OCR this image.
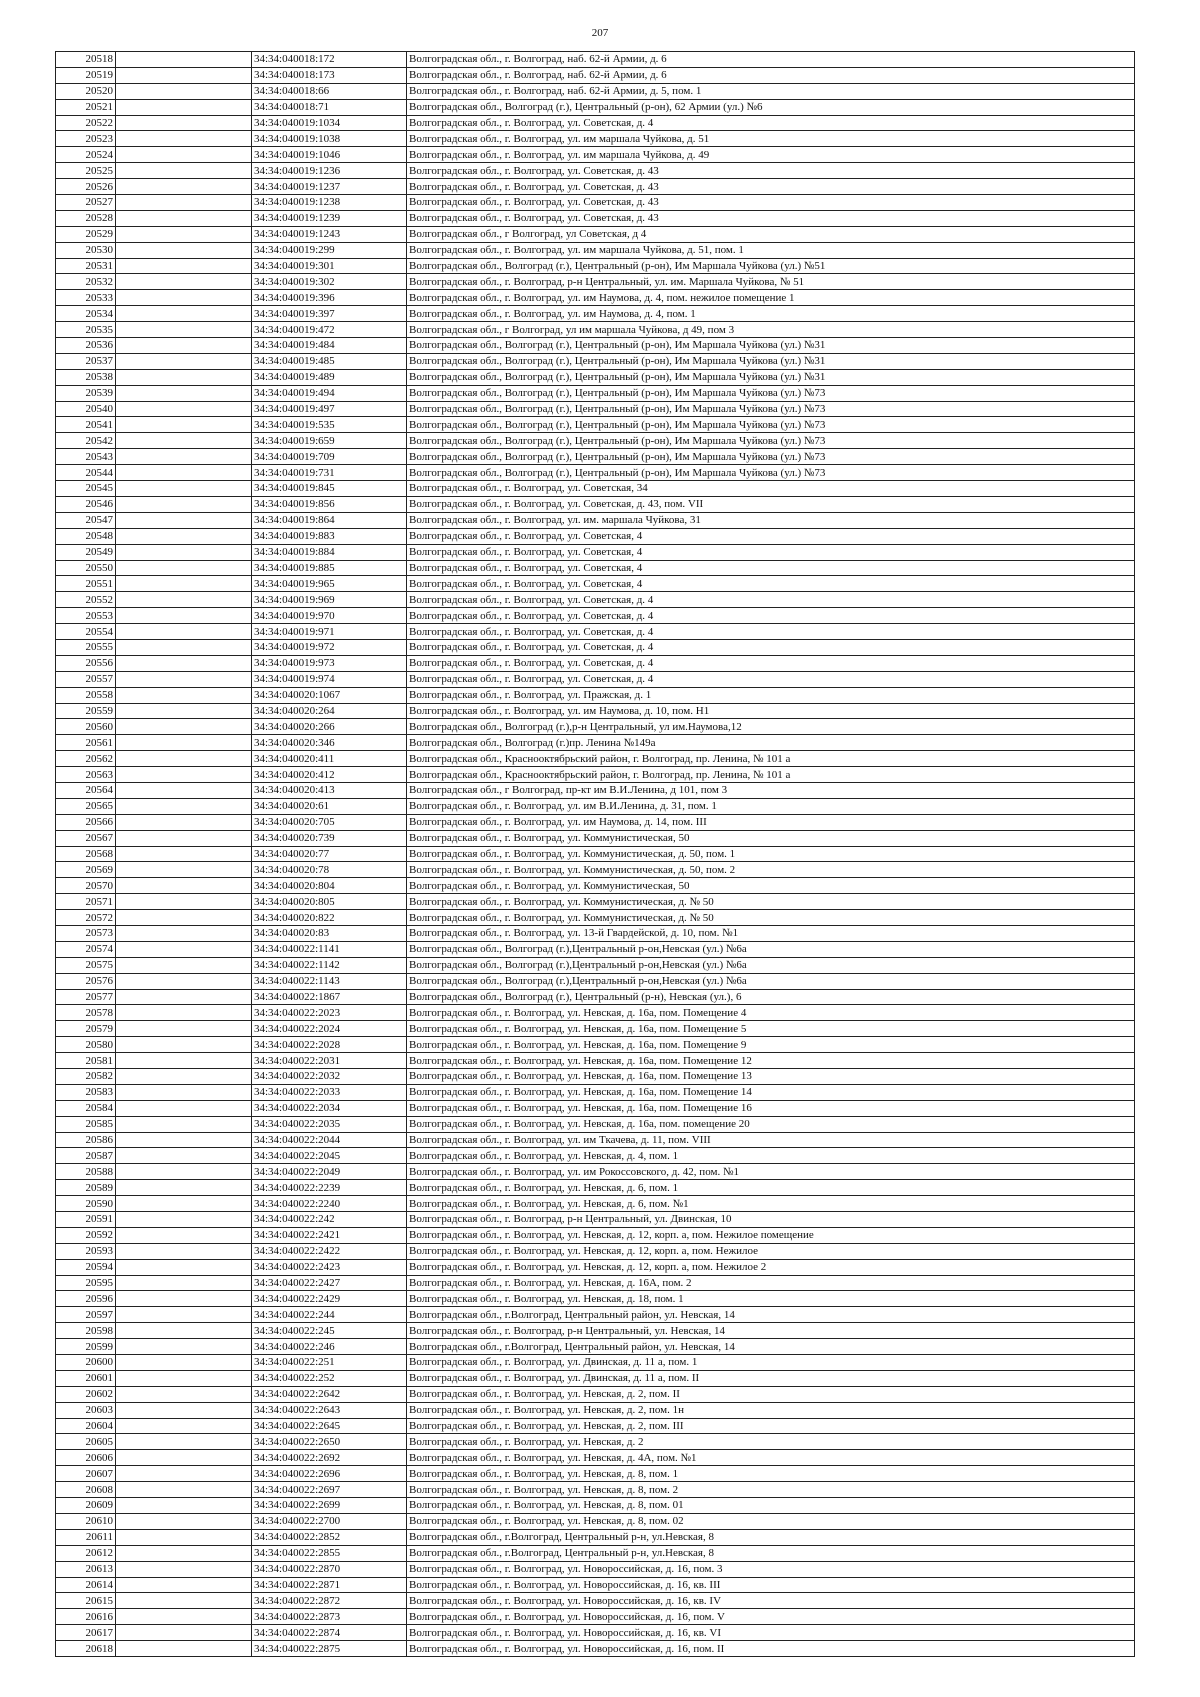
207
20518		34:34:040018:172	Волгоградская обл., г. Волгоград, наб. 62-й Армии, д. 6
20519		34:34:040018:173	Волгоградская обл., г. Волгоград, наб. 62-й Армии, д. 6
20520		34:34:040018:66	Волгоградская обл., г. Волгоград, наб. 62-й Армии, д. 5, пом. 1
20521		34:34:040018:71	Волгоградская обл., Волгоград (г.), Центральный (р-он), 62 Армии (ул.) №6
20522		34:34:040019:1034	Волгоградская обл., г. Волгоград, ул. Советская, д. 4
20523		34:34:040019:1038	Волгоградская обл., г. Волгоград, ул. им маршала Чуйкова, д. 51
20524		34:34:040019:1046	Волгоградская обл., г. Волгоград, ул. им маршала Чуйкова, д. 49
20525		34:34:040019:1236	Волгоградская обл., г. Волгоград, ул. Советская, д. 43
20526		34:34:040019:1237	Волгоградская обл., г. Волгоград, ул. Советская, д. 43
20527		34:34:040019:1238	Волгоградская обл., г. Волгоград, ул. Советская, д. 43
20528		34:34:040019:1239	Волгоградская обл., г. Волгоград, ул. Советская, д. 43
20529		34:34:040019:1243	Волгоградская обл., г Волгоград, ул Советская, д 4
20530		34:34:040019:299	Волгоградская обл., г. Волгоград, ул. им маршала Чуйкова, д. 51, пом. 1
20531		34:34:040019:301	Волгоградская обл., Волгоград (г.), Центральный (р-он), Им Маршала Чуйкова (ул.) №51
20532		34:34:040019:302	Волгоградская обл., г. Волгоград, р-н Центральный, ул. им. Маршала Чуйкова, № 51
20533		34:34:040019:396	Волгоградская обл., г. Волгоград, ул. им Наумова, д. 4, пом. нежилое помещение 1
20534		34:34:040019:397	Волгоградская обл., г. Волгоград, ул. им Наумова, д. 4, пом. 1
20535		34:34:040019:472	Волгоградская обл., г Волгоград, ул им маршала Чуйкова, д 49, пом 3
20536		34:34:040019:484	Волгоградская обл., Волгоград (г.), Центральный (р-он), Им Маршала Чуйкова (ул.) №31
20537		34:34:040019:485	Волгоградская обл., Волгоград (г.), Центральный (р-он), Им Маршала Чуйкова (ул.) №31
20538		34:34:040019:489	Волгоградская обл., Волгоград (г.), Центральный (р-он), Им Маршала Чуйкова (ул.) №31
20539		34:34:040019:494	Волгоградская обл., Волгоград (г.), Центральный (р-он), Им Маршала Чуйкова (ул.) №73
20540		34:34:040019:497	Волгоградская обл., Волгоград (г.), Центральный (р-он), Им Маршала Чуйкова (ул.) №73
20541		34:34:040019:535	Волгоградская обл., Волгоград (г.), Центральный (р-он), Им Маршала Чуйкова (ул.) №73
20542		34:34:040019:659	Волгоградская обл., Волгоград (г.), Центральный (р-он), Им Маршала Чуйкова (ул.) №73
20543		34:34:040019:709	Волгоградская обл., Волгоград (г.), Центральный (р-он), Им Маршала Чуйкова (ул.) №73
20544		34:34:040019:731	Волгоградская обл., Волгоград (г.), Центральный (р-он), Им Маршала Чуйкова (ул.) №73
20545		34:34:040019:845	Волгоградская обл., г. Волгоград, ул. Советская, 34
20546		34:34:040019:856	Волгоградская обл., г. Волгоград, ул. Советская, д. 43, пом. VII
20547		34:34:040019:864	Волгоградская обл., г. Волгоград, ул. им. маршала Чуйкова, 31
20548		34:34:040019:883	Волгоградская обл., г. Волгоград, ул. Советская, 4
20549		34:34:040019:884	Волгоградская обл., г. Волгоград, ул. Советская, 4
20550		34:34:040019:885	Волгоградская обл., г. Волгоград, ул. Советская, 4
20551		34:34:040019:965	Волгоградская обл., г. Волгоград, ул. Советская, 4
20552		34:34:040019:969	Волгоградская обл., г. Волгоград, ул. Советская, д. 4
20553		34:34:040019:970	Волгоградская обл., г. Волгоград, ул. Советская, д. 4
20554		34:34:040019:971	Волгоградская обл., г. Волгоград, ул. Советская, д. 4
20555		34:34:040019:972	Волгоградская обл., г. Волгоград, ул. Советская, д. 4
20556		34:34:040019:973	Волгоградская обл., г. Волгоград, ул. Советская, д. 4
20557		34:34:040019:974	Волгоградская обл., г. Волгоград, ул. Советская, д. 4
20558		34:34:040020:1067	Волгоградская обл., г. Волгоград, ул. Пражская, д. 1
20559		34:34:040020:264	Волгоградская обл., г. Волгоград, ул. им Наумова, д. 10, пом. Н1
20560		34:34:040020:266	Волгоградская обл., Волгоград (г.),р-н Центральный, ул им.Наумова,12
20561		34:34:040020:346	Волгоградская обл., Волгоград (г.)пр. Ленина №149а
20562		34:34:040020:411	Волгоградская обл., Краснооктябрьский район, г. Волгоград, пр. Ленина, № 101 а
20563		34:34:040020:412	Волгоградская обл., Краснооктябрьский район, г. Волгоград, пр. Ленина, № 101 а
20564		34:34:040020:413	Волгоградская обл., г Волгоград, пр-кт им В.И.Ленина, д 101, пом 3
20565		34:34:040020:61	Волгоградская обл., г. Волгоград, ул. им В.И.Ленина, д. 31, пом. 1
20566		34:34:040020:705	Волгоградская обл., г. Волгоград, ул. им Наумова, д. 14, пом. III
20567		34:34:040020:739	Волгоградская обл., г. Волгоград, ул. Коммунистическая, 50
20568		34:34:040020:77	Волгоградская обл., г. Волгоград, ул. Коммунистическая, д. 50, пом. 1
20569		34:34:040020:78	Волгоградская обл., г. Волгоград, ул. Коммунистическая, д. 50, пом. 2
20570		34:34:040020:804	Волгоградская обл., г. Волгоград, ул. Коммунистическая, 50
20571		34:34:040020:805	Волгоградская обл., г. Волгоград, ул. Коммунистическая, д. № 50
20572		34:34:040020:822	Волгоградская обл., г. Волгоград, ул. Коммунистическая, д. № 50
20573		34:34:040020:83	Волгоградская обл., г. Волгоград, ул. 13-й Гвардейской, д. 10, пом. №1
20574		34:34:040022:1141	Волгоградская обл., Волгоград (г.),Центральный р-он,Невская (ул.) №6а
20575		34:34:040022:1142	Волгоградская обл., Волгоград (г.),Центральный р-он,Невская (ул.) №6а
20576		34:34:040022:1143	Волгоградская обл., Волгоград (г.),Центральный р-он,Невская (ул.) №6а
20577		34:34:040022:1867	Волгоградская обл., Волгоград (г.), Центральный (р-н), Невская (ул.), 6
20578		34:34:040022:2023	Волгоградская обл., г. Волгоград, ул. Невская, д. 16а, пом. Помещение 4
20579		34:34:040022:2024	Волгоградская обл., г. Волгоград, ул. Невская, д. 16а, пом. Помещение 5
20580		34:34:040022:2028	Волгоградская обл., г. Волгоград, ул. Невская, д. 16а, пом. Помещение 9
20581		34:34:040022:2031	Волгоградская обл., г. Волгоград, ул. Невская, д. 16а, пом. Помещение 12
20582		34:34:040022:2032	Волгоградская обл., г. Волгоград, ул. Невская, д. 16а, пом. Помещение 13
20583		34:34:040022:2033	Волгоградская обл., г. Волгоград, ул. Невская, д. 16а, пом. Помещение 14
20584		34:34:040022:2034	Волгоградская обл., г. Волгоград, ул. Невская, д. 16а, пом. Помещение 16
20585		34:34:040022:2035	Волгоградская обл., г. Волгоград, ул. Невская, д. 16а, пом. помещение 20
20586		34:34:040022:2044	Волгоградская обл., г. Волгоград, ул. им Ткачева, д. 11, пом. VIII
20587		34:34:040022:2045	Волгоградская обл., г. Волгоград, ул. Невская, д. 4, пом. 1
20588		34:34:040022:2049	Волгоградская обл., г. Волгоград, ул. им Рокоссовского, д. 42, пом. №1
20589		34:34:040022:2239	Волгоградская обл., г. Волгоград, ул. Невская, д. 6, пом. 1
20590		34:34:040022:2240	Волгоградская обл., г. Волгоград, ул. Невская, д. 6, пом. №1
20591		34:34:040022:242	Волгоградская обл., г. Волгоград, р-н Центральный, ул. Двинская, 10
20592		34:34:040022:2421	Волгоградская обл., г. Волгоград, ул. Невская, д. 12, корп. а, пом. Нежилое помещение
20593		34:34:040022:2422	Волгоградская обл., г. Волгоград, ул. Невская, д. 12, корп. а, пом. Нежилое
20594		34:34:040022:2423	Волгоградская обл., г. Волгоград, ул. Невская, д. 12, корп. а, пом. Нежилое 2
20595		34:34:040022:2427	Волгоградская обл., г. Волгоград, ул. Невская, д. 16А, пом. 2
20596		34:34:040022:2429	Волгоградская обл., г. Волгоград, ул. Невская, д. 18, пом. 1
20597		34:34:040022:244	Волгоградская обл., г.Волгоград, Центральный район, ул. Невская, 14
20598		34:34:040022:245	Волгоградская обл., г. Волгоград, р-н Центральный, ул. Невская, 14
20599		34:34:040022:246	Волгоградская обл., г.Волгоград, Центральный район, ул. Невская, 14
20600		34:34:040022:251	Волгоградская обл., г. Волгоград, ул. Двинская, д. 11 а, пом. 1
20601		34:34:040022:252	Волгоградская обл., г. Волгоград, ул. Двинская, д. 11 а, пом. II
20602		34:34:040022:2642	Волгоградская обл., г. Волгоград, ул. Невская, д. 2, пом. II
20603		34:34:040022:2643	Волгоградская обл., г. Волгоград, ул. Невская, д. 2, пом. 1н
20604		34:34:040022:2645	Волгоградская обл., г. Волгоград, ул. Невская, д. 2, пом. III
20605		34:34:040022:2650	Волгоградская обл., г. Волгоград, ул. Невская, д. 2
20606		34:34:040022:2692	Волгоградская обл., г. Волгоград, ул. Невская, д. 4А, пом. №1
20607		34:34:040022:2696	Волгоградская обл., г. Волгоград, ул. Невская, д. 8, пом. 1
20608		34:34:040022:2697	Волгоградская обл., г. Волгоград, ул. Невская, д. 8, пом. 2
20609		34:34:040022:2699	Волгоградская обл., г. Волгоград, ул. Невская, д. 8, пом. 01
20610		34:34:040022:2700	Волгоградская обл., г. Волгоград, ул. Невская, д. 8, пом. 02
20611		34:34:040022:2852	Волгоградская обл., г.Волгоград, Центральный р-н, ул.Невская, 8
20612		34:34:040022:2855	Волгоградская обл., г.Волгоград, Центральный р-н, ул.Невская, 8
20613		34:34:040022:2870	Волгоградская обл., г. Волгоград, ул. Новороссийская, д. 16, пом. 3
20614		34:34:040022:2871	Волгоградская обл., г. Волгоград, ул. Новороссийская, д. 16, кв. III
20615		34:34:040022:2872	Волгоградская обл., г. Волгоград, ул. Новороссийская, д. 16, кв. IV
20616		34:34:040022:2873	Волгоградская обл., г. Волгоград, ул. Новороссийская, д. 16, пом. V
20617		34:34:040022:2874	Волгоградская обл., г. Волгоград, ул. Новороссийская, д. 16, кв. VI
20618		34:34:040022:2875	Волгоградская обл., г. Волгоград, ул. Новороссийская, д. 16, пом. II
